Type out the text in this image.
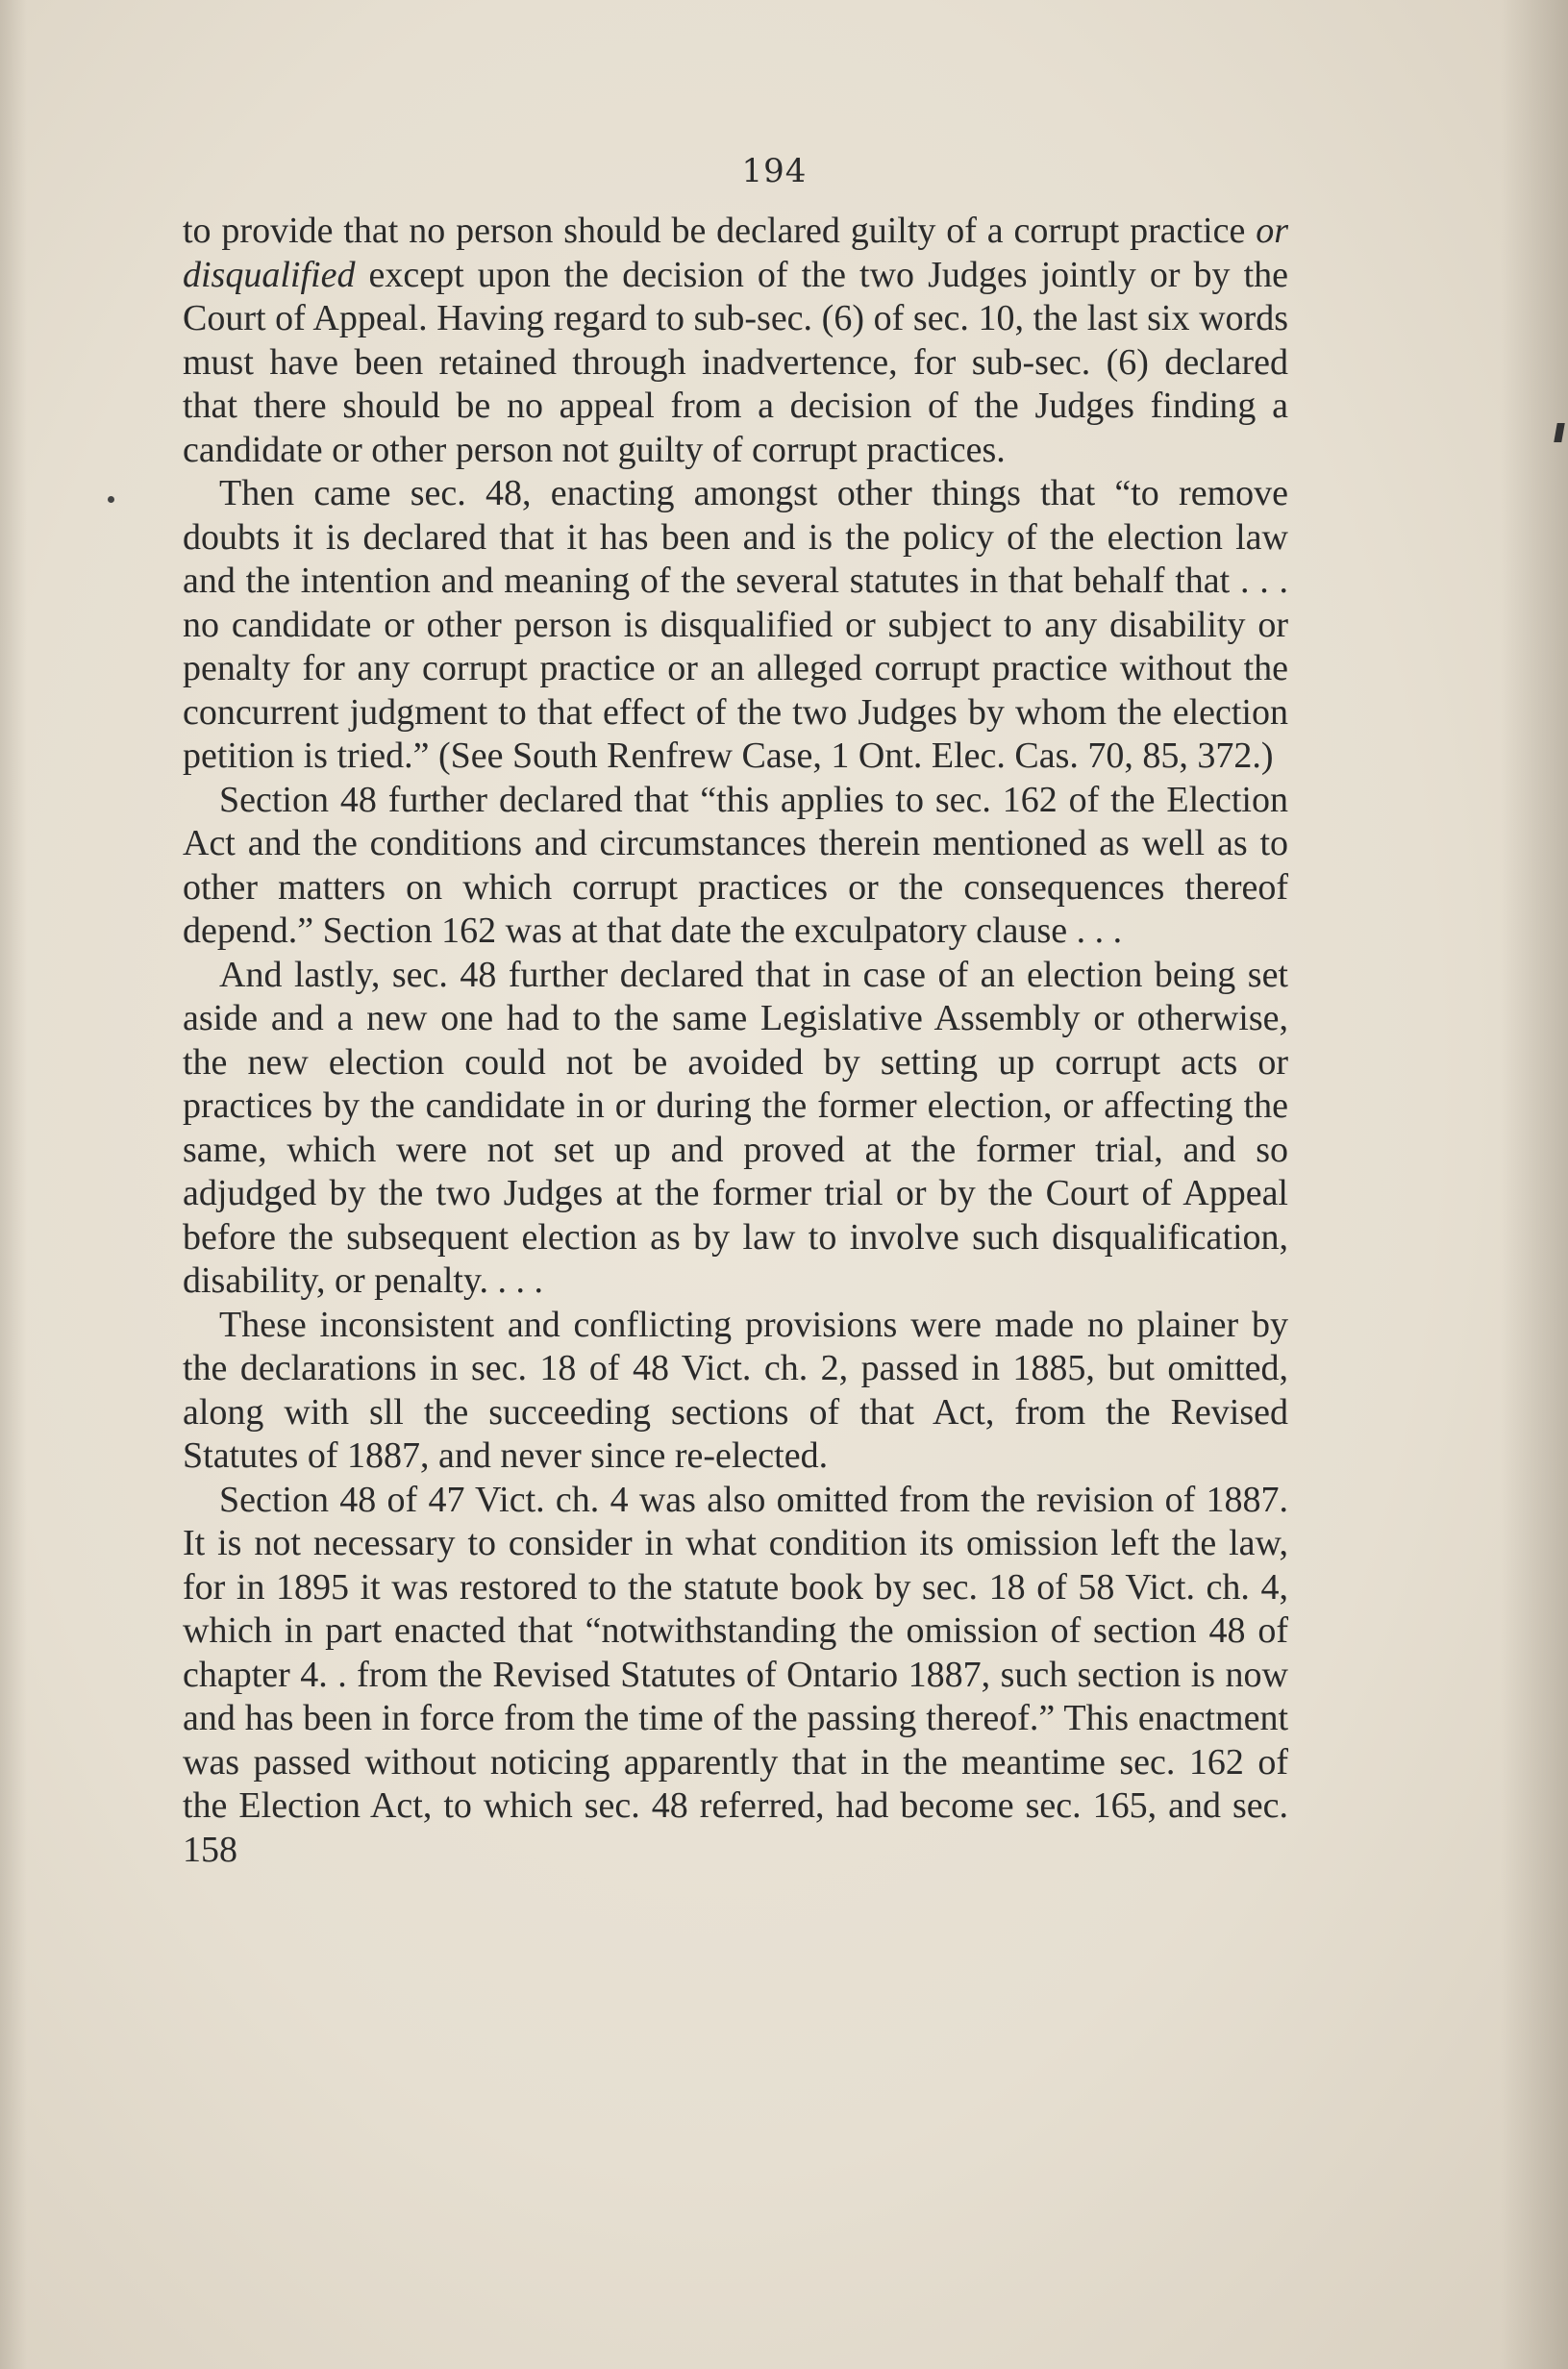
194

to provide that no person should be declared guilty of a corrupt practice or disqualified except upon the decision of the two Judges jointly or by the Court of Appeal. Having regard to sub-sec. (6) of sec. 10, the last six words must have been retained through inadvertence, for sub-sec. (6) declared that there should be no appeal from a decision of the Judges finding a candidate or other person not guilty of corrupt practices.

Then came sec. 48, enacting amongst other things that “to remove doubts it is declared that it has been and is the policy of the election law and the intention and meaning of the several statutes in that behalf that . . . no candidate or other person is disqualified or subject to any disability or penalty for any corrupt practice or an alleged corrupt practice without the concurrent judgment to that effect of the two Judges by whom the election petition is tried.” (See South Renfrew Case, 1 Ont. Elec. Cas. 70, 85, 372.)

Section 48 further declared that “this applies to sec. 162 of the Election Act and the conditions and circumstances therein mentioned as well as to other matters on which corrupt practices or the consequences thereof depend.” Section 162 was at that date the exculpatory clause . . .

And lastly, sec. 48 further declared that in case of an election being set aside and a new one had to the same Legislative Assembly or otherwise, the new election could not be avoided by setting up corrupt acts or practices by the candidate in or during the former election, or affecting the same, which were not set up and proved at the former trial, and so adjudged by the two Judges at the former trial or by the Court of Appeal before the subsequent election as by law to involve such disqualification, disability, or penalty. . . .

These inconsistent and conflicting provisions were made no plainer by the declarations in sec. 18 of 48 Vict. ch. 2, passed in 1885, but omitted, along with sll the succeeding sections of that Act, from the Revised Statutes of 1887, and never since re-elected.

Section 48 of 47 Vict. ch. 4 was also omitted from the revision of 1887. It is not necessary to consider in what condition its omission left the law, for in 1895 it was restored to the statute book by sec. 18 of 58 Vict. ch. 4, which in part enacted that “notwithstanding the omission of section 48 of chapter 4. . from the Revised Statutes of Ontario 1887, such section is now and has been in force from the time of the passing thereof.” This enactment was passed without noticing apparently that in the meantime sec. 162 of the Election Act, to which sec. 48 referred, had become sec. 165, and sec. 158
